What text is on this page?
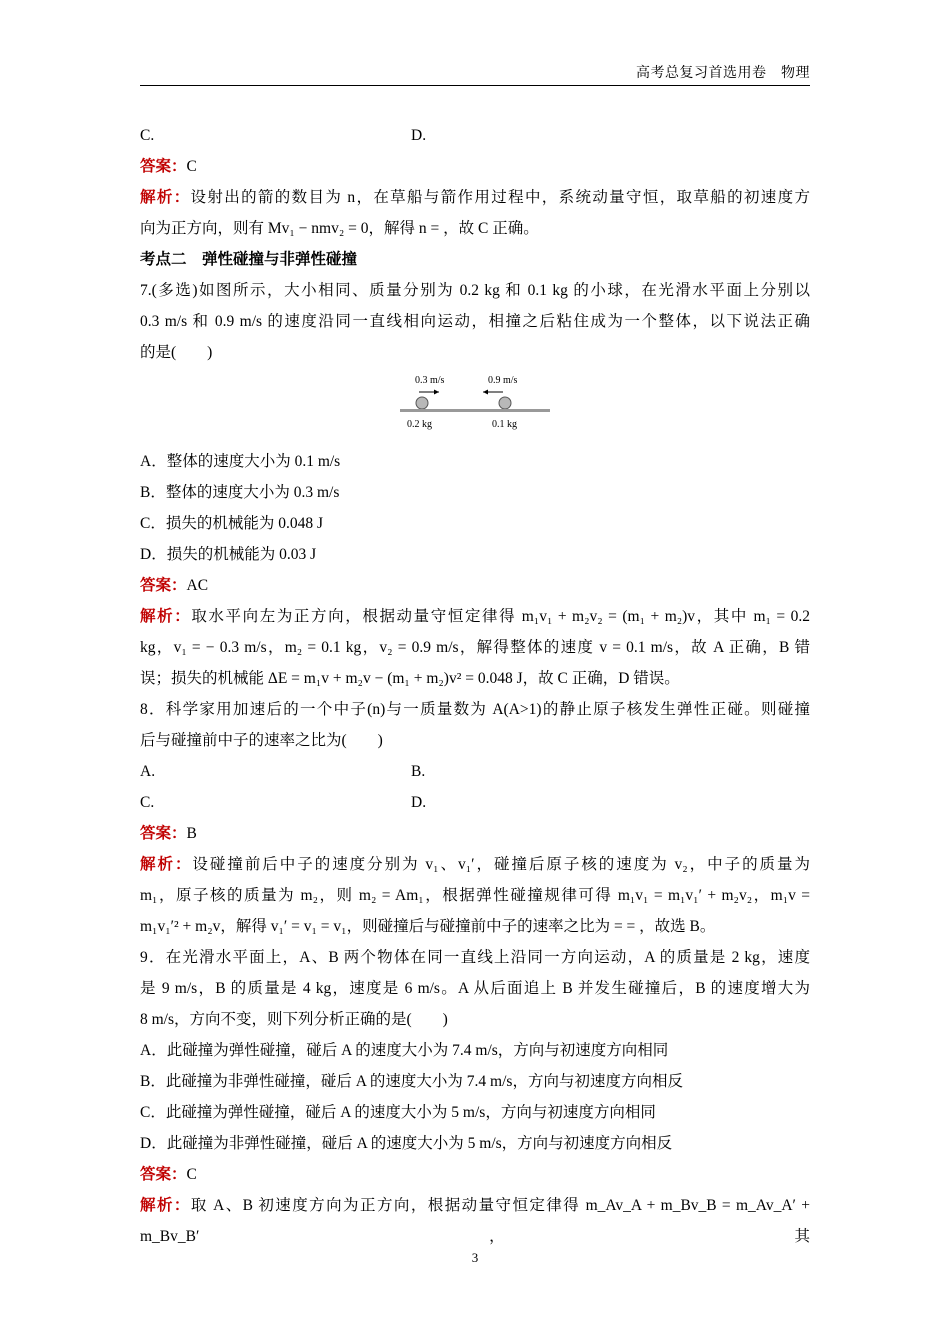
高考总复习首选用卷　物理
C.	D.
答案：C
解析：设射出的箭的数目为 n，在草船与箭作用过程中，系统动量守恒，取草船的初速度方
向为正方向，则有 Mv₁ − nmv₂ = 0，解得 n = ，故 C 正确。
考点二　弹性碰撞与非弹性碰撞
7.(多选)如图所示，大小相同、质量分别为 0.2 kg 和 0.1 kg 的小球，在光滑水平面上分别以
0.3 m/s 和 0.9 m/s 的速度沿同一直线相向运动，相撞之后粘住成为一个整体，以下说法正确
的是(　　)
0.3 m/s	0.9 m/s
0.2 kg	0.1 kg
A．整体的速度大小为 0.1 m/s
B．整体的速度大小为 0.3 m/s
C．损失的机械能为 0.048 J
D．损失的机械能为 0.03 J
答案：AC
解析：取水平向左为正方向，根据动量守恒定律得 m₁v₁ + m₂v₂ = (m₁ + m₂)v，其中 m₁ = 0.2
kg，v₁ = − 0.3 m/s，m₂ = 0.1 kg，v₂ = 0.9 m/s，解得整体的速度 v = 0.1 m/s，故 A 正确，B 错
误；损失的机械能 ΔE = m₁v + m₂v − (m₁ + m₂)v² = 0.048 J，故 C 正确，D 错误。
8．科学家用加速后的一个中子(n)与一质量数为 A(A>1)的静止原子核发生弹性正碰。则碰撞
后与碰撞前中子的速率之比为(　　)
A.	B.
C.	D.
答案：B
解析：设碰撞前后中子的速度分别为 v₁、v₁′，碰撞后原子核的速度为 v₂，中子的质量为
m₁，原子核的质量为 m₂，则 m₂ = Am₁，根据弹性碰撞规律可得 m₁v₁ = m₁v₁′ + m₂v₂，m₁v =
m₁v₁′² + m₂v，解得 v₁′ = v₁ = v₁，则碰撞后与碰撞前中子的速率之比为 = = ，故选 B。
9．在光滑水平面上，A、B 两个物体在同一直线上沿同一方向运动，A 的质量是 2 kg，速度
是 9 m/s，B 的质量是 4 kg，速度是 6 m/s。A 从后面追上 B 并发生碰撞后，B 的速度增大为
8 m/s，方向不变，则下列分析正确的是(　　)
A．此碰撞为弹性碰撞，碰后 A 的速度大小为 7.4 m/s，方向与初速度方向相同
B．此碰撞为非弹性碰撞，碰后 A 的速度大小为 7.4 m/s，方向与初速度方向相反
C．此碰撞为弹性碰撞，碰后 A 的速度大小为 5 m/s，方向与初速度方向相同
D．此碰撞为非弹性碰撞，碰后 A 的速度大小为 5 m/s，方向与初速度方向相反
答案：C
解析：取 A、B 初速度方向为正方向，根据动量守恒定律得 m_Av_A + m_Bv_B = m_Av_A′ + m_Bv_B′，其
3
